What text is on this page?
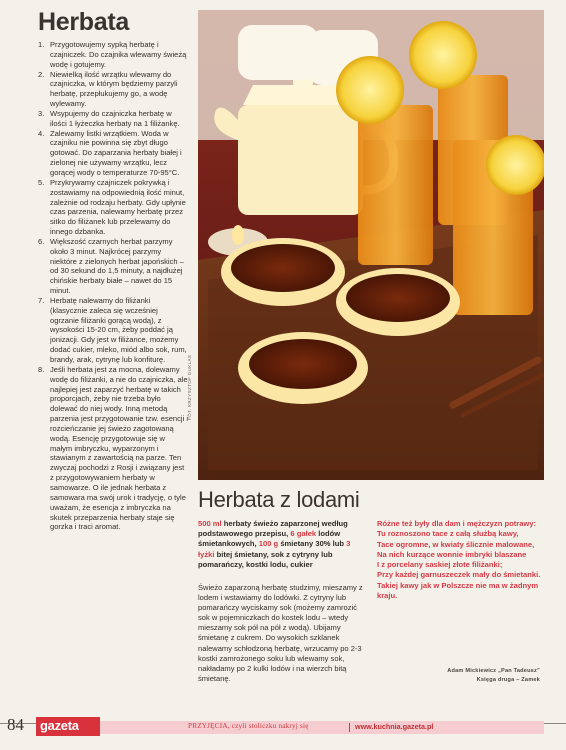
Herbata
1. Przygotowujemy sypką herbatę i czajniczek. Do czajnika wlewamy świeżą wodę i gotujemy.
2. Niewielką ilość wrzątku wlewamy do czajniczka, w którym będziemy parzyli herbatę, przepłukujemy go, a wodę wylewamy.
3. Wsypujemy do czajniczka herbatę w ilości 1 łyżeczka herbaty na 1 filiżankę.
4. Zalewamy listki wrzątkiem. Woda w czajniku nie powinna się zbyt długo gotować. Do zaparzania herbaty białej i zielonej nie używamy wrzątku, lecz gorącej wody o temperaturze 70-95°C.
5. Przykrywamy czajniczek pokrywką i zostawiamy na odpowiednią ilość minut, zależnie od rodzaju herbaty. Gdy upłynie czas parzenia, nalewamy herbatę przez sitko do filiżanek lub przelewamy do innego dzbanka.
6. Większość czarnych herbat parzymy około 3 minut. Najkrócej parzymy niektóre z zielonych herbat japońskich – od 30 sekund do 1,5 minuty, a najdłużej chińskie herbaty białe – nawet do 15 minut.
7. Herbatę nalewamy do filiżanki (klasycznie zaleca się wcześniej ogrzanie filiżanki gorącą wodą), z wysokości 15-20 cm, żeby poddać ją jonizacji. Gdy jest w filiżance, możemy dodać cukier, mleko, miód albo sok, rum, brandy, arak, cytrynę lub konfiturę.
8. Jeśli herbata jest za mocna, dolewamy wodę do filiżanki, a nie do czajniczka, ale najlepiej jest zaparzyć herbatę w takich proporcjach, żeby nie trzeba było dolewać do niej wody. Inną metodą parzenia jest przygotowanie tzw. esencji i rozcieńczanie jej świeżo zagotowaną wodą. Esencję przygotowuje się w małym imbryczku, wyparzonym i stawianym z zawartością na parze. Ten zwyczaj pochodzi z Rosji i związany jest z przygotowywaniem herbaty w samowarze. O ile jednak herbata z samowara ma swój urok i tradycję, o tyle uważam, że esencja z imbryczka na skutek przeparzenia herbaty staje się gorzka i traci aromat.
FOT. KRZYSZTOF DUKLAS
Herbata z lodami
500 ml herbaty świeżo zaparzonej według podstawowego przepisu, 6 gałek lodów śmietankowych, 100 g śmietany 30% lub 3 łyżki bitej śmietany, sok z cytryny lub pomarańczy, kostki lodu, cukier

Świeżo zaparzoną herbatę studzimy, mieszamy z lodem i wstawiamy do lodówki. Z cytryny lub pomarańczy wyciskamy sok (możemy zamrozić sok w pojemniczkach do kostek lodu – wtedy mieszamy sok pół na pół z wodą). Ubijamy śmietanę z cukrem. Do wysokich szklanek nalewamy schłodzoną herbatę, wrzucamy po 2-3 kostki zamrożonego soku lub wlewamy sok, nakładamy po 2 kulki lodów i na wierzch bitą śmietanę.

Różne też były dla dam i mężczyzn potrawy:

Tu roznoszono tace z całą służbą kawy,

Tace ogromne, w kwiaty ślicznie malowane,

Na nich kurzące wonnie imbryki blaszane

I z porcelany saskiej złote filiżanki;

Przy każdej garnuszeczek mały do śmietanki.

Takiej kawy jak w Polszcze nie ma w żadnym kraju.

Adam Mickiewicz „Pan Tadeusz”
Księga druga – Zamek
84	gazeta	PRZYJĘCIA, czyli stoliczku nakryj się	www.kuchnia.gazeta.pl
